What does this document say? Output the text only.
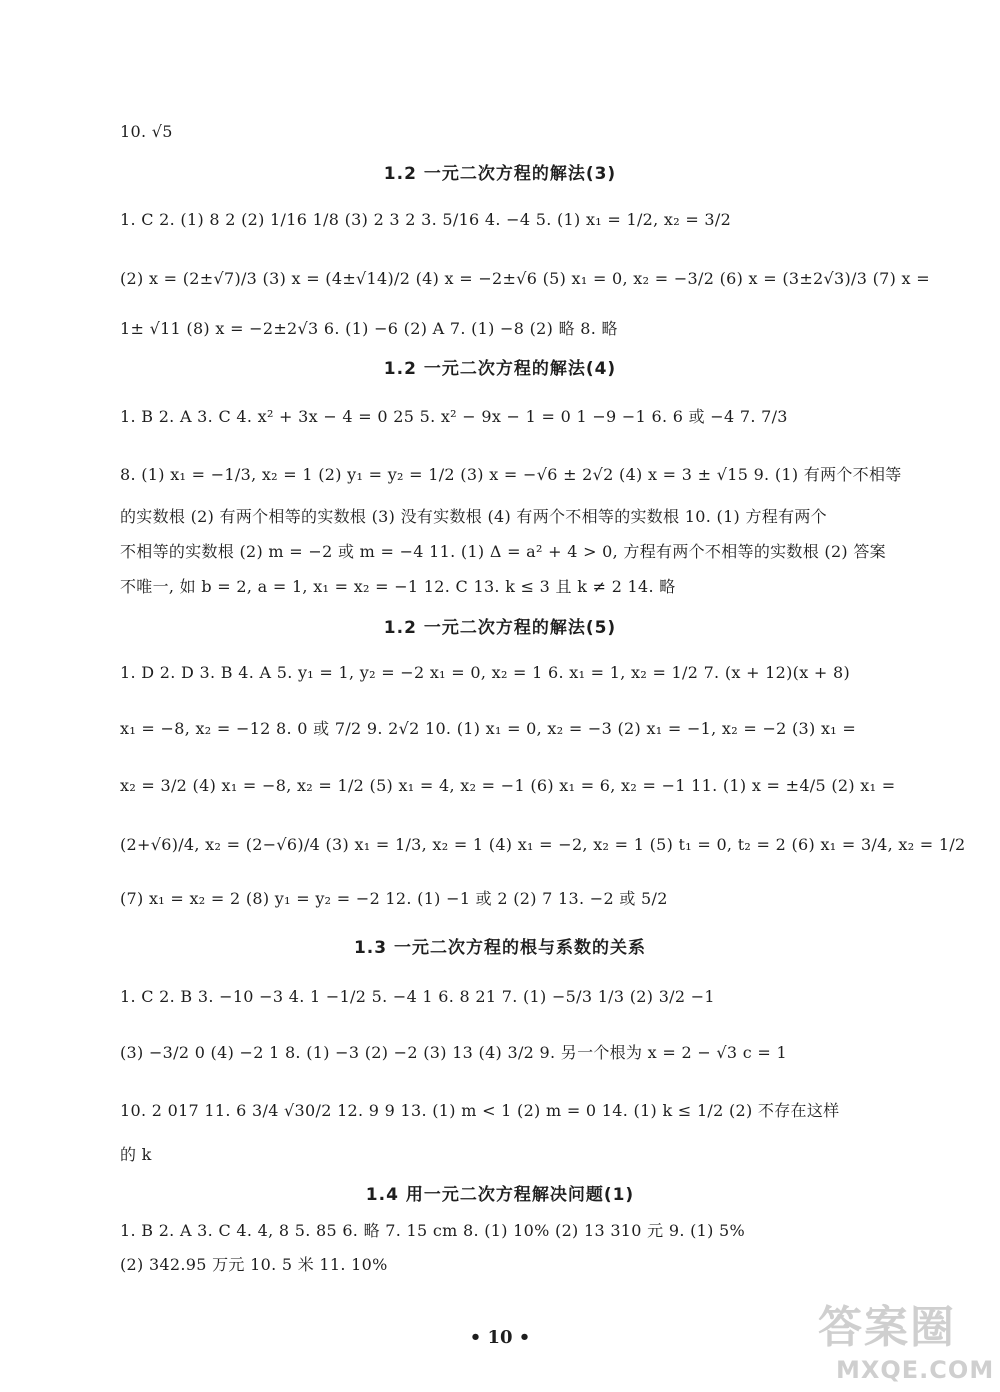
10. √5
1.2 一元二次方程的解法(3)
1. C 2. (1) 8 2 (2) 1/16 1/8 (3) 2 3 2 3. 5/16 4. −4 5. (1) x₁ = 1/2, x₂ = 3/2
(2) x = (2±√7)/3 (3) x = (4±√14)/2 (4) x = −2±√6 (5) x₁ = 0, x₂ = −3/2 (6) x = (3±2√3)/3 (7) x =
1± √11 (8) x = −2±2√3 6. (1) −6 (2) A 7. (1) −8 (2) 略 8. 略
1.2 一元二次方程的解法(4)
1. B 2. A 3. C 4. x² + 3x − 4 = 0 25 5. x² − 9x − 1 = 0 1 −9 −1 6. 6 或 −4 7. 7/3
8. (1) x₁ = −1/3, x₂ = 1 (2) y₁ = y₂ = 1/2 (3) x = −√6 ± 2√2 (4) x = 3 ± √15 9. (1) 有两个不相等
的实数根 (2) 有两个相等的实数根 (3) 没有实数根 (4) 有两个不相等的实数根 10. (1) 方程有两个
不相等的实数根 (2) m = −2 或 m = −4 11. (1) Δ = a² + 4 > 0, 方程有两个不相等的实数根 (2) 答案
不唯一, 如 b = 2, a = 1, x₁ = x₂ = −1 12. C 13. k ≤ 3 且 k ≠ 2 14. 略
1.2 一元二次方程的解法(5)
1. D 2. D 3. B 4. A 5. y₁ = 1, y₂ = −2 x₁ = 0, x₂ = 1 6. x₁ = 1, x₂ = 1/2 7. (x + 12)(x + 8)
x₁ = −8, x₂ = −12 8. 0 或 7/2 9. 2√2 10. (1) x₁ = 0, x₂ = −3 (2) x₁ = −1, x₂ = −2 (3) x₁ =
x₂ = 3/2 (4) x₁ = −8, x₂ = 1/2 (5) x₁ = 4, x₂ = −1 (6) x₁ = 6, x₂ = −1 11. (1) x = ±4/5 (2) x₁ =
(2+√6)/4, x₂ = (2−√6)/4 (3) x₁ = 1/3, x₂ = 1 (4) x₁ = −2, x₂ = 1 (5) t₁ = 0, t₂ = 2 (6) x₁ = 3/4, x₂ = 1/2
(7) x₁ = x₂ = 2 (8) y₁ = y₂ = −2 12. (1) −1 或 2 (2) 7 13. −2 或 5/2
1.3 一元二次方程的根与系数的关系
1. C 2. B 3. −10 −3 4. 1 −1/2 5. −4 1 6. 8 21 7. (1) −5/3 1/3 (2) 3/2 −1
(3) −3/2 0 (4) −2 1 8. (1) −3 (2) −2 (3) 13 (4) 3/2 9. 另一个根为 x = 2 − √3 c = 1
10. 2 017 11. 6 3/4 √30/2 12. 9 9 13. (1) m < 1 (2) m = 0 14. (1) k ≤ 1/2 (2) 不存在这样
的 k
1.4 用一元二次方程解决问题(1)
1. B 2. A 3. C 4. 4, 8 5. 85 6. 略 7. 15 cm 8. (1) 10% (2) 13 310 元 9. (1) 5%
(2) 342.95 万元 10. 5 米 11. 10%
• 10 •	答案圈
MXQE.COM
